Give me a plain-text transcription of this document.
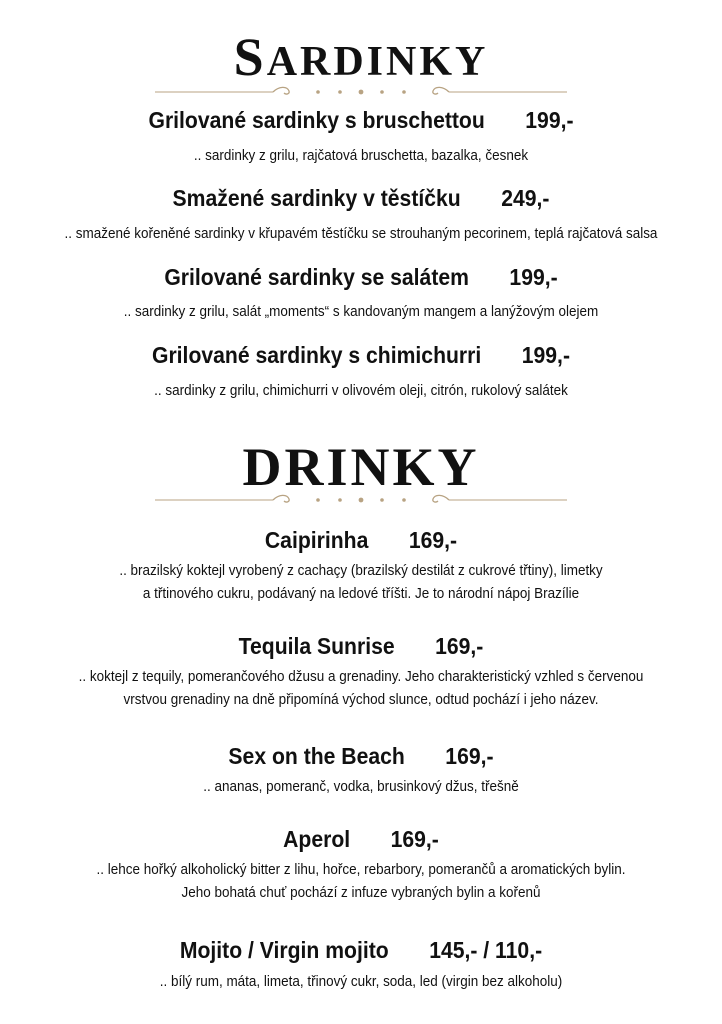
SARDINKY
Grilované sardinky s bruschettou 199,-
.. sardinky z grilu, rajčatová bruschetta, bazalka, česnek
Smažené sardinky v těstíčku 249,-
.. smažené kořeněné sardinky v křupavém těstíčku se strouhaným pecorinem, teplá rajčatová salsa
Grilované sardinky se salátem 199,-
.. sardinky z grilu, salát „moments“ s kandovaným mangem a lanýžovým olejem
Grilované sardinky s chimichurri 199,-
.. sardinky z grilu, chimichurri v olivovém oleji, citrón, rukolový salátek
DRINKY
Caipirinha 169,-
.. brazilský koktejl vyrobený z cachaçy (brazilský destilát z cukrové třtiny), limetky
a třtinového cukru, podávaný na ledové tříšti. Je to národní nápoj Brazílie
Tequila Sunrise 169,-
.. koktejl z tequily, pomerančového džusu a grenadiny. Jeho charakteristický vzhled s červenou
vrstvou grenadiny na dně připomíná východ slunce, odtud pochází i jeho název.
Sex on the Beach 169,-
.. ananas, pomeranč, vodka, brusinkový džus, třešně
Aperol 169,-
.. lehce hořký alkoholický bitter z lihu, hořce, rebarbory, pomerančů a aromatických bylin.
Jeho bohatá chuť pochází z infuze vybraných bylin a kořenů
Mojito / Virgin mojito 145,- / 110,-
.. bílý rum, máta, limeta, třinový cukr, soda, led (virgin bez alkoholu)
